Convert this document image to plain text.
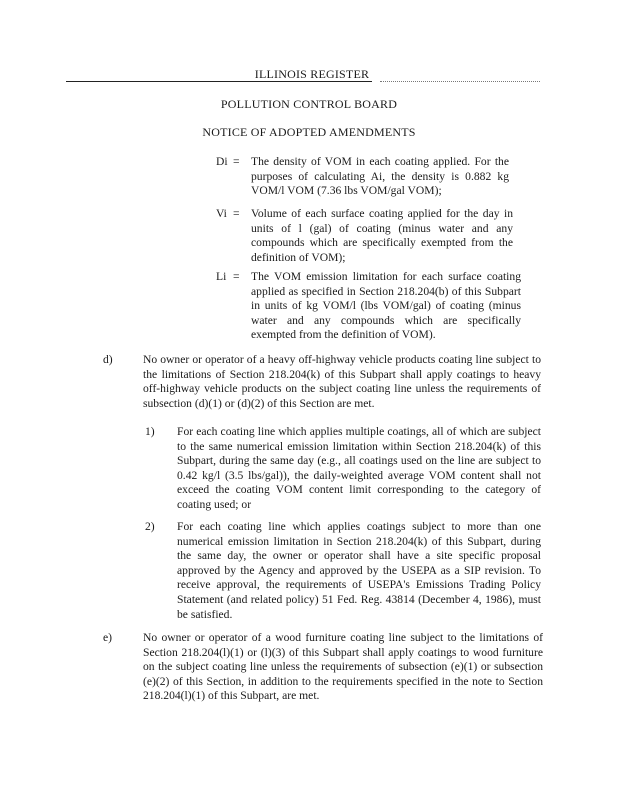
ILLINOIS REGISTER
POLLUTION CONTROL BOARD
NOTICE OF ADOPTED AMENDMENTS
Di = The density of VOM in each coating applied. For the purposes of calculating Ai, the density is 0.882 kg VOM/l VOM (7.36 lbs VOM/gal VOM);
Vi = Volume of each surface coating applied for the day in units of l (gal) of coating (minus water and any compounds which are specifically exempted from the definition of VOM);
Li = The VOM emission limitation for each surface coating applied as specified in Section 218.204(b) of this Subpart in units of kg VOM/l (lbs VOM/gal) of coating (minus water and any compounds which are specifically exempted from the definition of VOM).
d)	No owner or operator of a heavy off-highway vehicle products coating line subject to the limitations of Section 218.204(k) of this Subpart shall apply coatings to heavy off-highway vehicle products on the subject coating line unless the requirements of subsection (d)(1) or (d)(2) of this Section are met.
1) For each coating line which applies multiple coatings, all of which are subject to the same numerical emission limitation within Section 218.204(k) of this Subpart, during the same day (e.g., all coatings used on the line are subject to 0.42 kg/l (3.5 lbs/gal)), the daily-weighted average VOM content shall not exceed the coating VOM content limit corresponding to the category of coating used; or
2) For each coating line which applies coatings subject to more than one numerical emission limitation in Section 218.204(k) of this Subpart, during the same day, the owner or operator shall have a site specific proposal approved by the Agency and approved by the USEPA as a SIP revision. To receive approval, the requirements of USEPA's Emissions Trading Policy Statement (and related policy) 51 Fed. Reg. 43814 (December 4, 1986), must be satisfied.
e)	No owner or operator of a wood furniture coating line subject to the limitations of Section 218.204(l)(1) or (l)(3) of this Subpart shall apply coatings to wood furniture on the subject coating line unless the requirements of subsection (e)(1) or subsection (e)(2) of this Section, in addition to the requirements specified in the note to Section 218.204(l)(1) of this Subpart, are met.
